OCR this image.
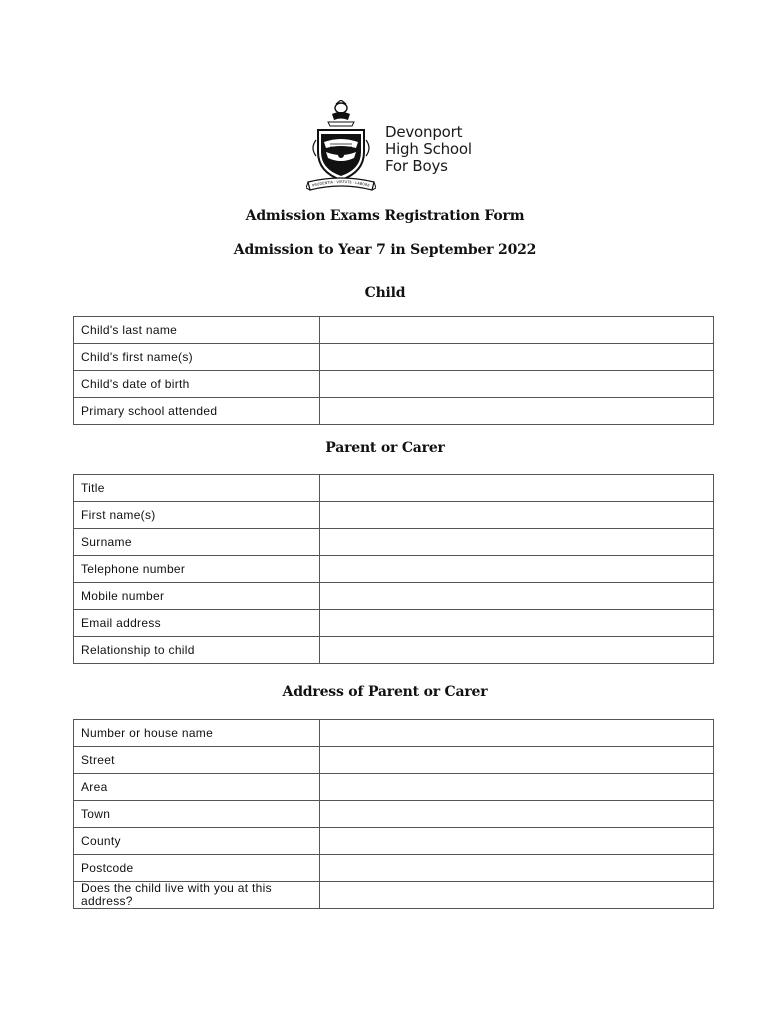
PRUDENTIA · VIRTUTE · LABORE
Devonport
High School
For Boys
Admission Exams Registration Form
Admission to Year 7 in September 2022
Child
Child's last name	
Child's first name(s)	
Child's date of birth	
Primary school attended	
Parent or Carer
Title	
First name(s)	
Surname	
Telephone number	
Mobile number	
Email address	
Relationship to child	
Address of Parent or Carer
Number or house name	
Street	
Area	
Town	
County	
Postcode	
Does the child live with you at this address?	
